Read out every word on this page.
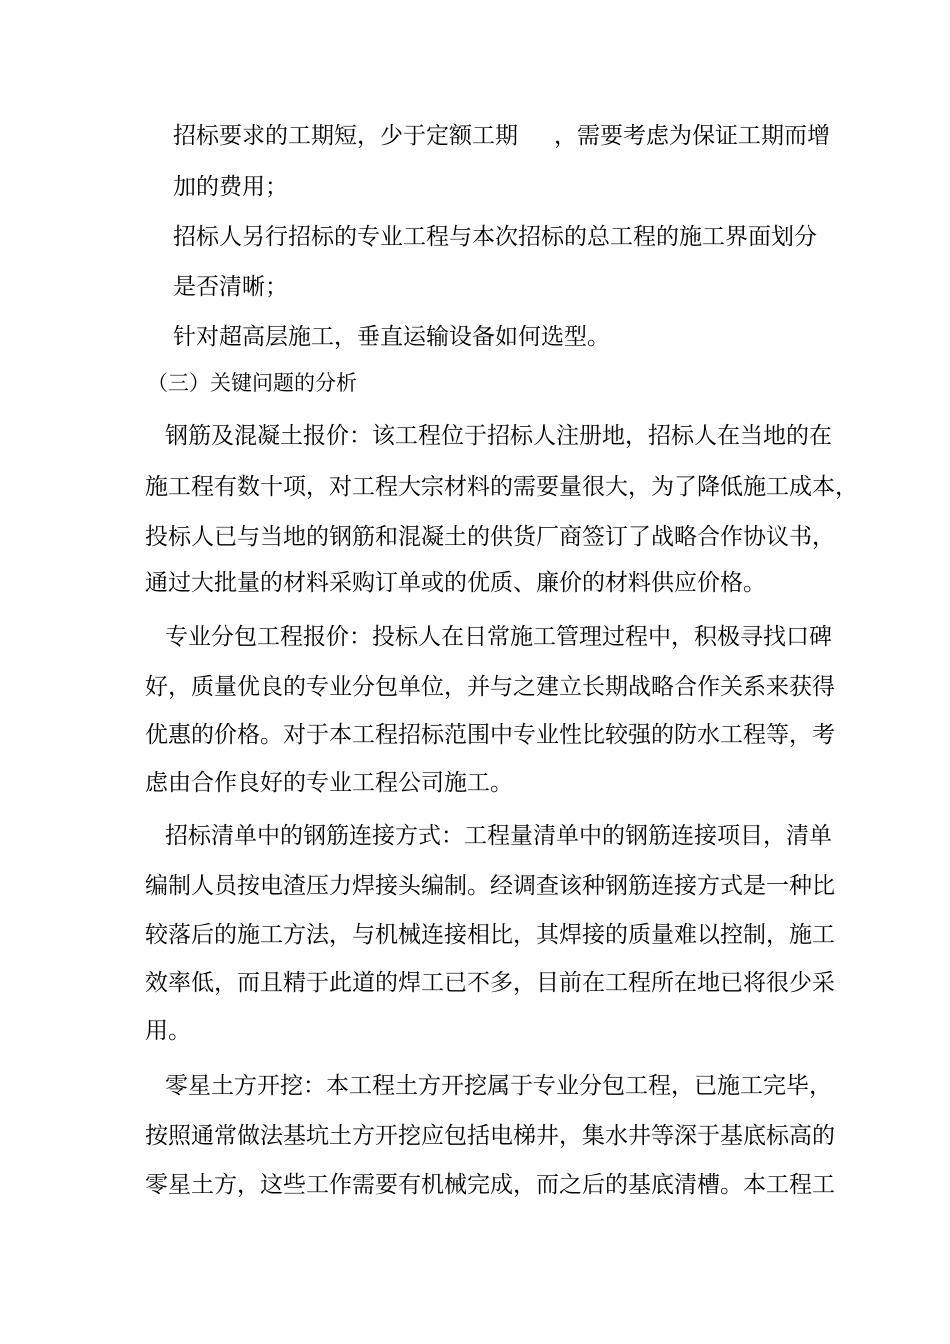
招标要求的工期短，少于定额工期 ，需要考虑为保证工期而增
加的费用；
招标人另行招标的专业工程与本次招标的总工程的施工界面划分
是否清晰；
针对超高层施工，垂直运输设备如何选型。
（三）关键问题的分析
钢筋及混凝土报价：该工程位于招标人注册地，招标人在当地的在
施工程有数十项，对工程大宗材料的需要量很大，为了降低施工成本，
投标人已与当地的钢筋和混凝土的供货厂商签订了战略合作协议书，
通过大批量的材料采购订单或的优质、廉价的材料供应价格。
专业分包工程报价：投标人在日常施工管理过程中，积极寻找口碑
好，质量优良的专业分包单位，并与之建立长期战略合作关系来获得
优惠的价格。对于本工程招标范围中专业性比较强的防水工程等，考
虑由合作良好的专业工程公司施工。
招标清单中的钢筋连接方式：工程量清单中的钢筋连接项目，清单
编制人员按电渣压力焊接头编制。经调查该种钢筋连接方式是一种比
较落后的施工方法，与机械连接相比，其焊接的质量难以控制，施工
效率低，而且精于此道的焊工已不多，目前在工程所在地已将很少采
用。
零星土方开挖：本工程土方开挖属于专业分包工程，已施工完毕，
按照通常做法基坑土方开挖应包括电梯井，集水井等深于基底标高的
零星土方，这些工作需要有机械完成，而之后的基底清槽。本工程工
